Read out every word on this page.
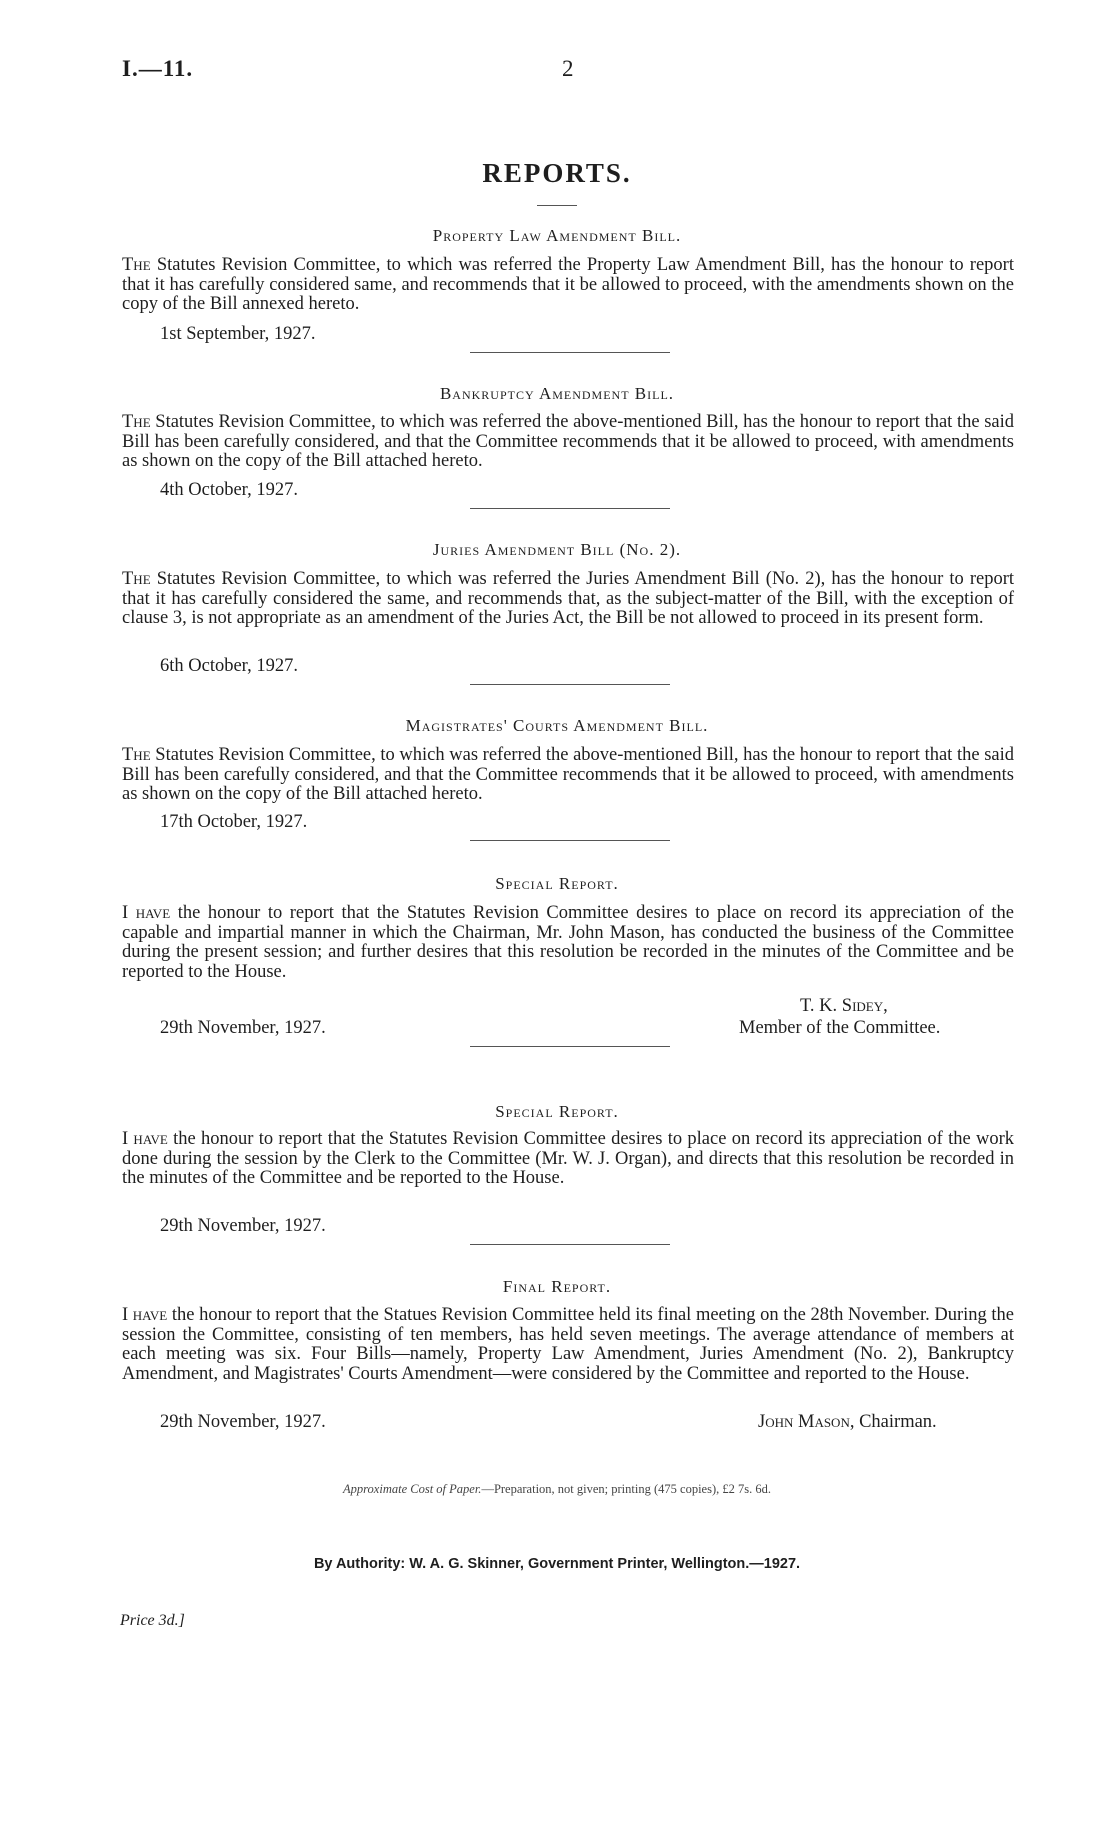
I.—11.	2
REPORTS.
Property Law Amendment Bill.
The Statutes Revision Committee, to which was referred the Property Law Amendment Bill, has the honour to report that it has carefully considered same, and recommends that it be allowed to proceed, with the amendments shown on the copy of the Bill annexed hereto.
1st September, 1927.
Bankruptcy Amendment Bill.
The Statutes Revision Committee, to which was referred the above-mentioned Bill, has the honour to report that the said Bill has been carefully considered, and that the Committee recommends that it be allowed to proceed, with amendments as shown on the copy of the Bill attached hereto.
4th October, 1927.
Juries Amendment Bill (No. 2).
The Statutes Revision Committee, to which was referred the Juries Amendment Bill (No. 2), has the honour to report that it has carefully considered the same, and recommends that, as the subject-matter of the Bill, with the exception of clause 3, is not appropriate as an amendment of the Juries Act, the Bill be not allowed to proceed in its present form.
6th October, 1927.
Magistrates' Courts Amendment Bill.
The Statutes Revision Committee, to which was referred the above-mentioned Bill, has the honour to report that the said Bill has been carefully considered, and that the Committee recommends that it be allowed to proceed, with amendments as shown on the copy of the Bill attached hereto.
17th October, 1927.
Special Report.
I have the honour to report that the Statutes Revision Committee desires to place on record its appreciation of the capable and impartial manner in which the Chairman, Mr. John Mason, has conducted the business of the Committee during the present session; and further desires that this resolution be recorded in the minutes of the Committee and be reported to the House.
T. K. Sidey,
29th November, 1927.	Member of the Committee.
Special Report.
I have the honour to report that the Statutes Revision Committee desires to place on record its appreciation of the work done during the session by the Clerk to the Committee (Mr. W. J. Organ), and directs that this resolution be recorded in the minutes of the Committee and be reported to the House.
29th November, 1927.
Final Report.
I have the honour to report that the Statues Revision Committee held its final meeting on the 28th November. During the session the Committee, consisting of ten members, has held seven meetings. The average attendance of members at each meeting was six. Four Bills—namely, Property Law Amendment, Juries Amendment (No. 2), Bankruptcy Amendment, and Magistrates' Courts Amendment—were considered by the Committee and reported to the House.
29th November, 1927.	John Mason, Chairman.
Approximate Cost of Paper.—Preparation, not given; printing (475 copies), £2 7s. 6d.
By Authority: W. A. G. Skinner, Government Printer, Wellington.—1927.
Price 3d.]
